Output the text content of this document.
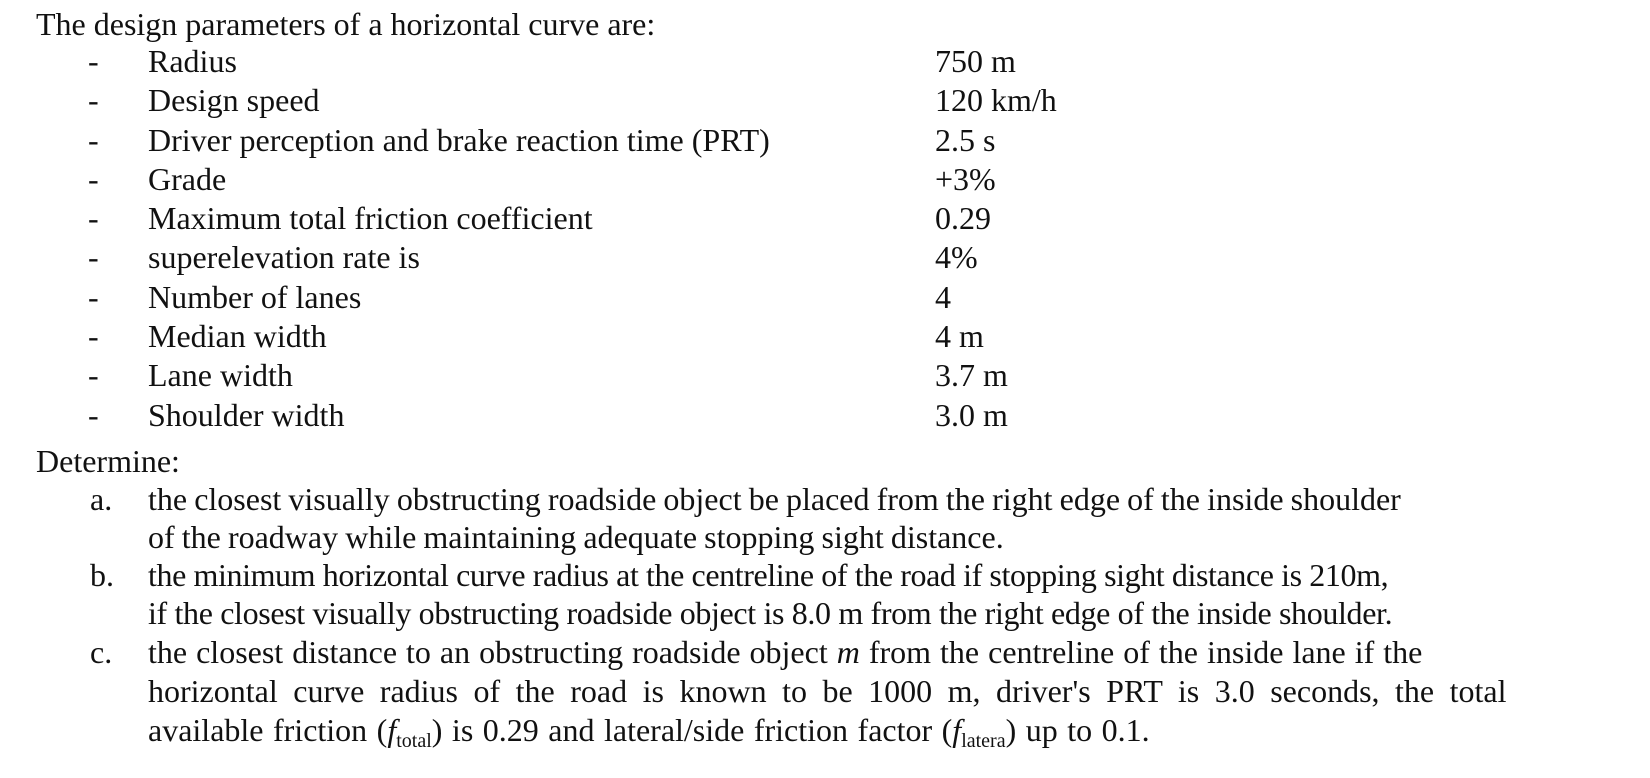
The design parameters of a horizontal curve are:
- Radius	750 m
- Design speed	120 km/h
- Driver perception and brake reaction time (PRT)	2.5 s
- Grade	+3%
- Maximum total friction coefficient	0.29
- superelevation rate is	4%
- Number of lanes	4
- Median width	4 m
- Lane width	3.7 m
- Shoulder width	3.0 m
Determine:
a. the closest visually obstructing roadside object be placed from the right edge of the inside shoulder
of the roadway while maintaining adequate stopping sight distance.
b. the minimum horizontal curve radius at the centreline of the road if stopping sight distance is 210m,
if the closest visually obstructing roadside object is 8.0 m from the right edge of the inside shoulder.
c. the closest distance to an obstructing roadside object m from the centreline of the inside lane if the
horizontal curve radius of the road is known to be 1000 m, driver's PRT is 3.0 seconds, the total
available friction $(f_{total})$ is 0.29 and lateral/side friction factor $(f_{latera})$ up to 0.1.
